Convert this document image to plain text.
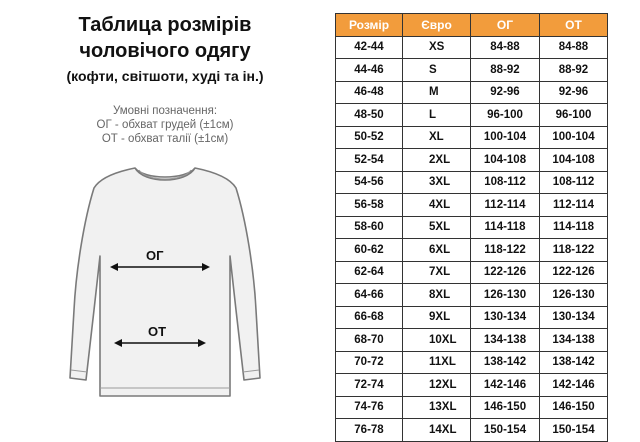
Таблица розмірів
чоловічого одягу
(кофти, світшоти, худі та ін.)
Умовні позначення:
ОГ - обхват грудей (±1см)
ОТ - обхват талії (±1см)
ОГ
ОТ
Розмір	Євро	ОГ	ОТ
42-44	XS	84-88	84-88
44-46	S	88-92	88-92
46-48	M	92-96	92-96
48-50	L	96-100	96-100
50-52	XL	100-104	100-104
52-54	2XL	104-108	104-108
54-56	3XL	108-112	108-112
56-58	4XL	112-114	112-114
58-60	5XL	114-118	114-118
60-62	6XL	118-122	118-122
62-64	7XL	122-126	122-126
64-66	8XL	126-130	126-130
66-68	9XL	130-134	130-134
68-70	10XL	134-138	134-138
70-72	11XL	138-142	138-142
72-74	12XL	142-146	142-146
74-76	13XL	146-150	146-150
76-78	14XL	150-154	150-154
